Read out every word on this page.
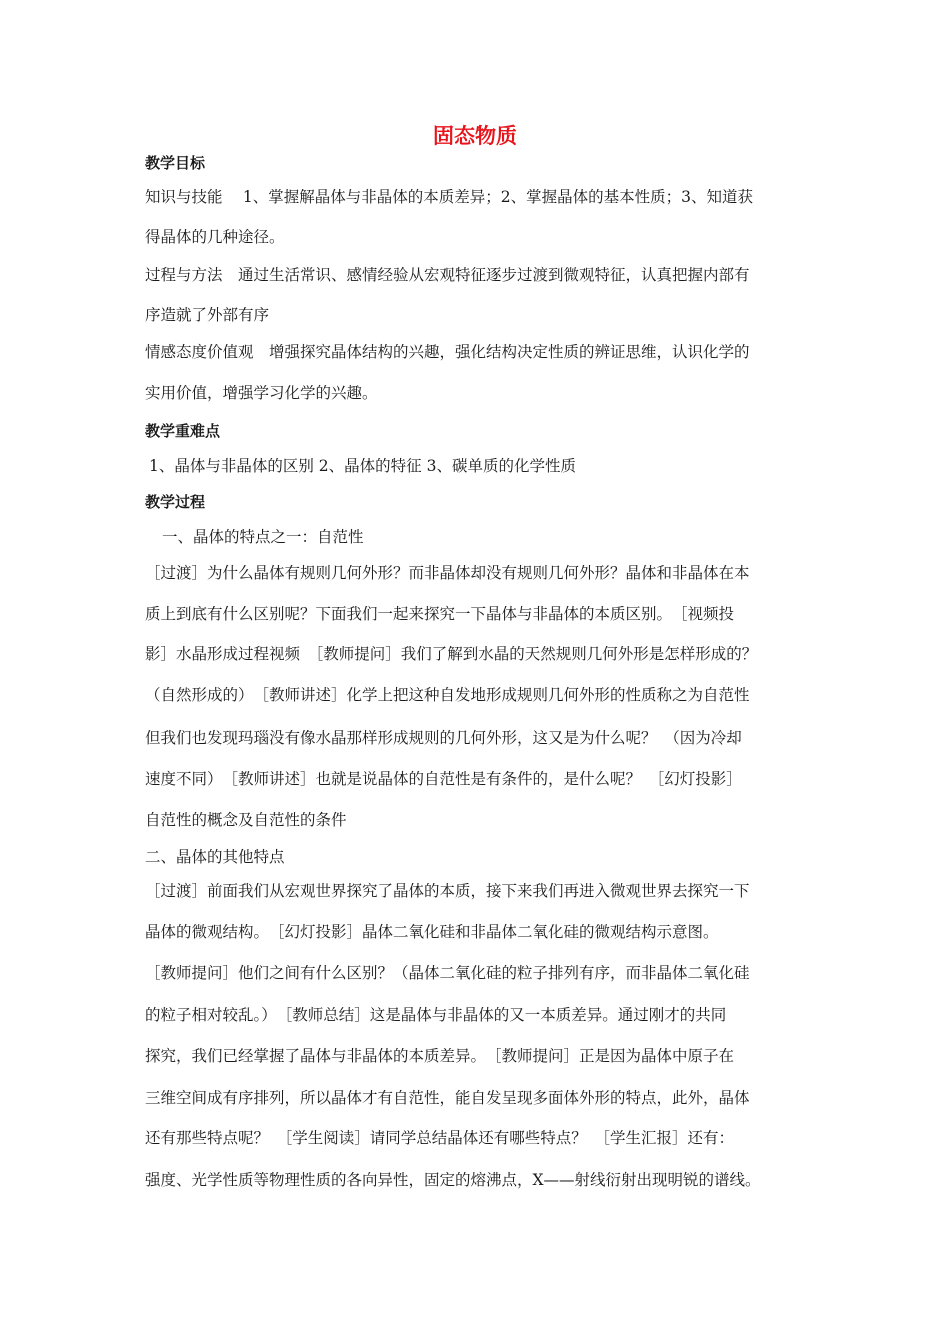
固态物质
教学目标
知识与技能　 1、掌握解晶体与非晶体的本质差异；2、掌握晶体的基本性质；3、知道获
得晶体的几种途径。
过程与方法　通过生活常识、感情经验从宏观特征逐步过渡到微观特征，认真把握内部有
序造就了外部有序
情感态度价值观　增强探究晶体结构的兴趣，强化结构决定性质的辨证思维，认识化学的
实用价值，增强学习化学的兴趣。
教学重难点
1、晶体与非晶体的区别 2、晶体的特征 3、碳单质的化学性质
教学过程
一、晶体的特点之一：自范性
［过渡］为什么晶体有规则几何外形？而非晶体却没有规则几何外形？晶体和非晶体在本
质上到底有什么区别呢？下面我们一起来探究一下晶体与非晶体的本质区别。　［视频投
影］水晶形成过程视频　［教师提问］我们了解到水晶的天然规则几何外形是怎样形成的？
（自然形成的）　［教师讲述］化学上把这种自发地形成规则几何外形的性质称之为自范性
但我们也发现玛瑙没有像水晶那样形成规则的几何外形，这又是为什么呢？　（因为冷却
速度不同）　［教师讲述］也就是说晶体的自范性是有条件的，是什么呢？　［幻灯投影］
自范性的概念及自范性的条件
二、晶体的其他特点
［过渡］前面我们从宏观世界探究了晶体的本质，接下来我们再进入微观世界去探究一下
晶体的微观结构。　［幻灯投影］晶体二氧化硅和非晶体二氧化硅的微观结构示意图。
［教师提问］他们之间有什么区别？（晶体二氧化硅的粒子排列有序，而非晶体二氧化硅
的粒子相对较乱。）　［教师总结］这是晶体与非晶体的又一本质差异。通过刚才的共同
探究，我们已经掌握了晶体与非晶体的本质差异。　［教师提问］正是因为晶体中原子在
三维空间成有序排列，所以晶体才有自范性，能自发呈现多面体外形的特点，此外，晶体
还有那些特点呢？　［学生阅读］请同学总结晶体还有哪些特点？　［学生汇报］还有：
强度、光学性质等物理性质的各向异性，固定的熔沸点，X——射线衍射出现明锐的谱线。
